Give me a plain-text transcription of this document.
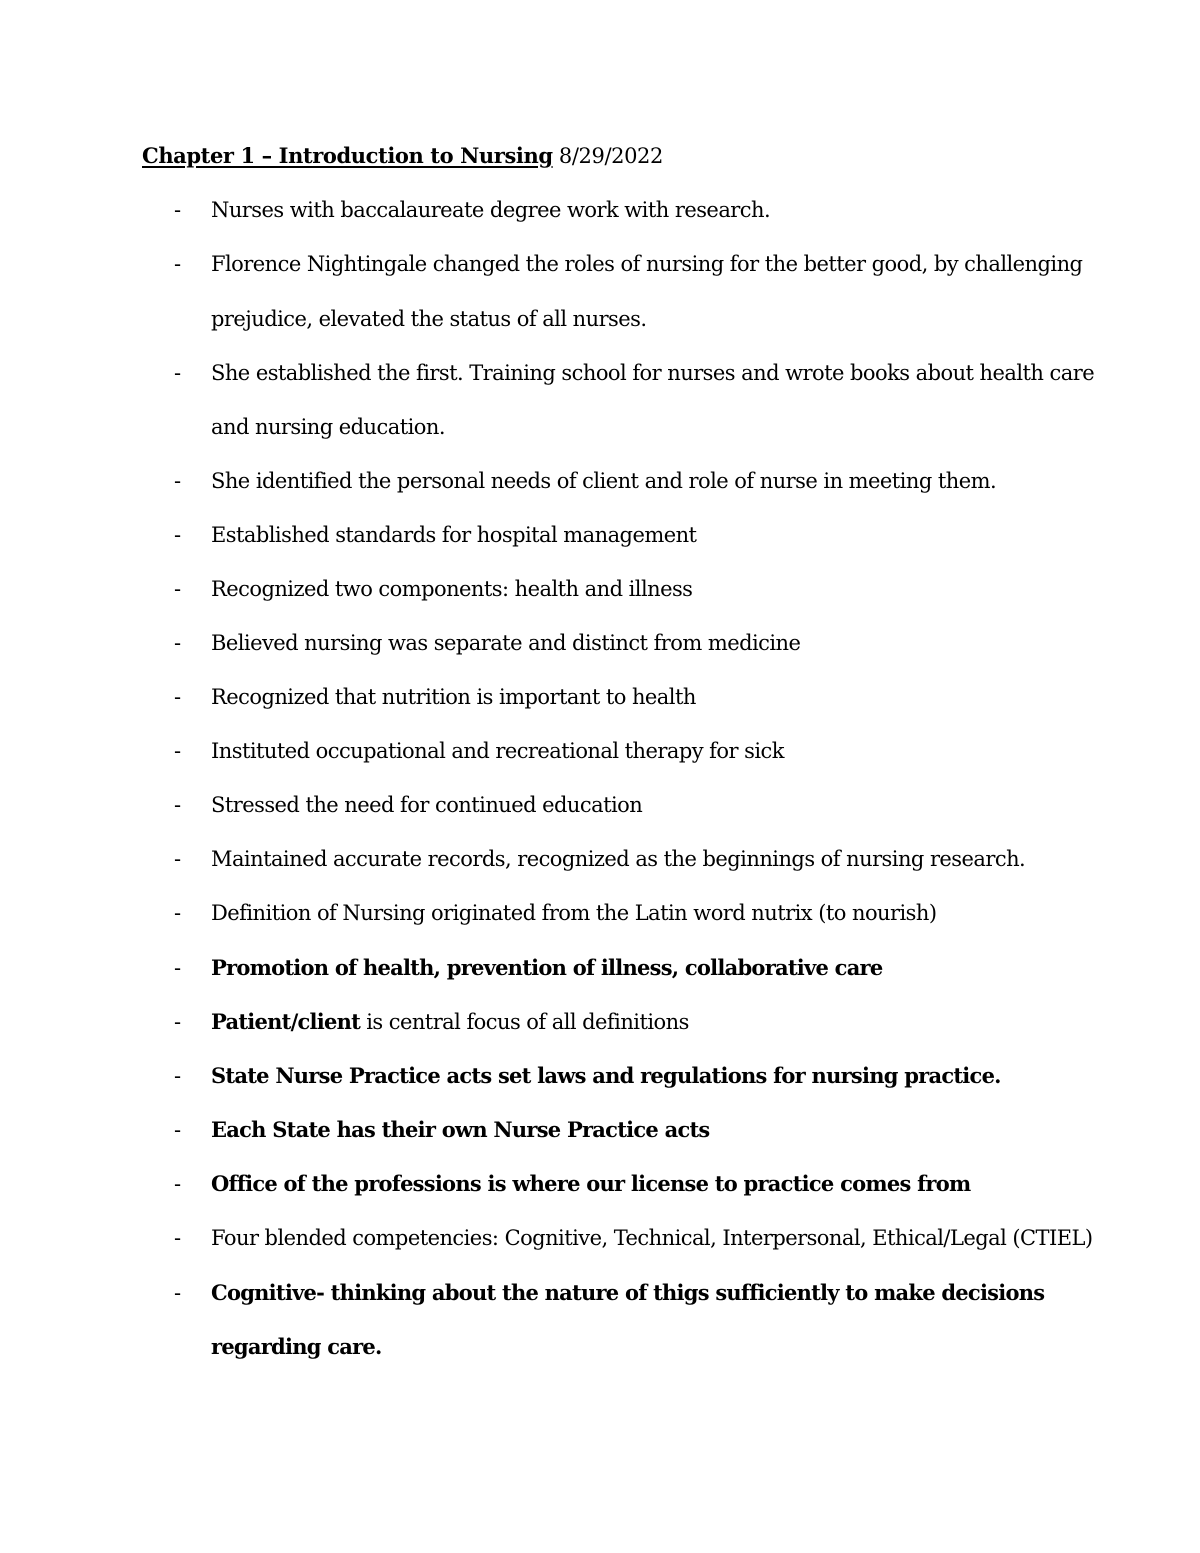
Chapter 1 – Introduction to Nursing 8/29/2022
- Nurses with baccalaureate degree work with research.
- Florence Nightingale changed the roles of nursing for the better good, by challenging
prejudice, elevated the status of all nurses.
- She established the first. Training school for nurses and wrote books about health care
and nursing education.
- She identified the personal needs of client and role of nurse in meeting them.
- Established standards for hospital management
- Recognized two components: health and illness
- Believed nursing was separate and distinct from medicine
- Recognized that nutrition is important to health
- Instituted occupational and recreational therapy for sick
- Stressed the need for continued education
- Maintained accurate records, recognized as the beginnings of nursing research.
- Definition of Nursing originated from the Latin word nutrix (to nourish)
- Promotion of health, prevention of illness, collaborative care
- Patient/client is central focus of all definitions
- State Nurse Practice acts set laws and regulations for nursing practice.
- Each State has their own Nurse Practice acts
- Office of the professions is where our license to practice comes from
- Four blended competencies: Cognitive, Technical, Interpersonal, Ethical/Legal (CTIEL)
- Cognitive- thinking about the nature of thigs sufficiently to make decisions
regarding care.
